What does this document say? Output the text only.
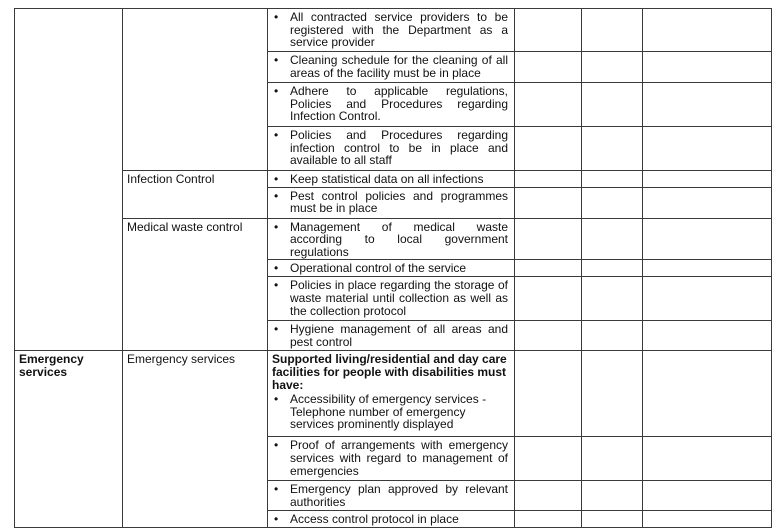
		• All contracted service providers to be registered with the Department as a service provider			

		• Cleaning schedule for the cleaning of all areas of the facility must be in place			

		• Adhere to applicable regulations, Policies and Procedures regarding Infection Control.			

		• Policies and Procedures regarding infection control to be in place and available to all staff			

	Infection Control	• Keep statistical data on all infections			

		• Pest control policies and programmes must be in place			

	Medical waste control	• Management of medical waste according to local government regulations			

		• Operational control of the service			

		• Policies in place regarding the storage of waste material until collection as well as the collection protocol			

		• Hygiene management of all areas and pest control			

Emergency services	Emergency services	Supported living/residential and day care facilities for people with disabilities must have:
• Accessibility of emergency services - Telephone number of emergency services prominently displayed			

		• Proof of arrangements with emergency services with regard to management of emergencies			

		• Emergency plan approved by relevant authorities			

		• Access control protocol in place			
